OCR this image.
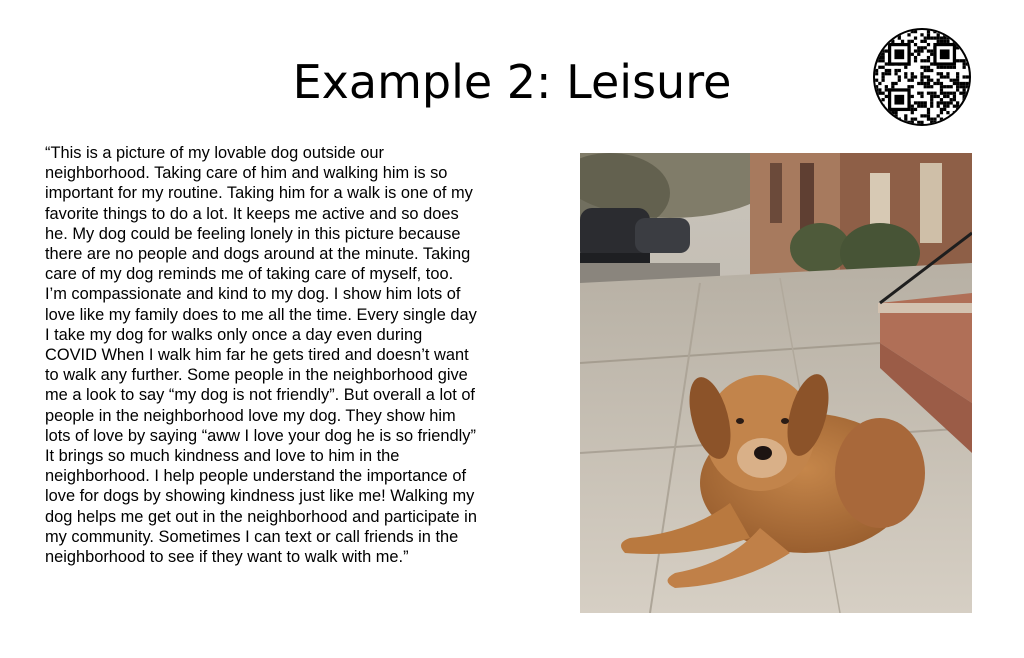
Example 2: Leisure
“This is a picture of my lovable dog outside our
neighborhood. Taking care of him and walking him is so
important for my routine. Taking him for a walk is one of my
favorite things to do a lot. It keeps me active and so does
he. My dog could be feeling lonely in this picture because
there are no people and dogs around at the minute. Taking
care of my dog reminds me of taking care of myself, too.
I’m compassionate and kind to my dog. I show him lots of
love like my family does to me all the time. Every single day
I take my dog for walks only once a day even during
COVID When I walk him far he gets tired and doesn’t want
to walk any further. Some people in the neighborhood give
me a look to say “my dog is not friendly”. But overall a lot of
people in the neighborhood love my dog. They show him
lots of love by saying “aww I love your dog he is so friendly”
It brings so much kindness and love to him in the
neighborhood. I help people understand the importance of
love for dogs by showing kindness just like me! Walking my
dog helps me get out in the neighborhood and participate in
my community. Sometimes I can text or call friends in the
neighborhood to see if they want to walk with me.”
